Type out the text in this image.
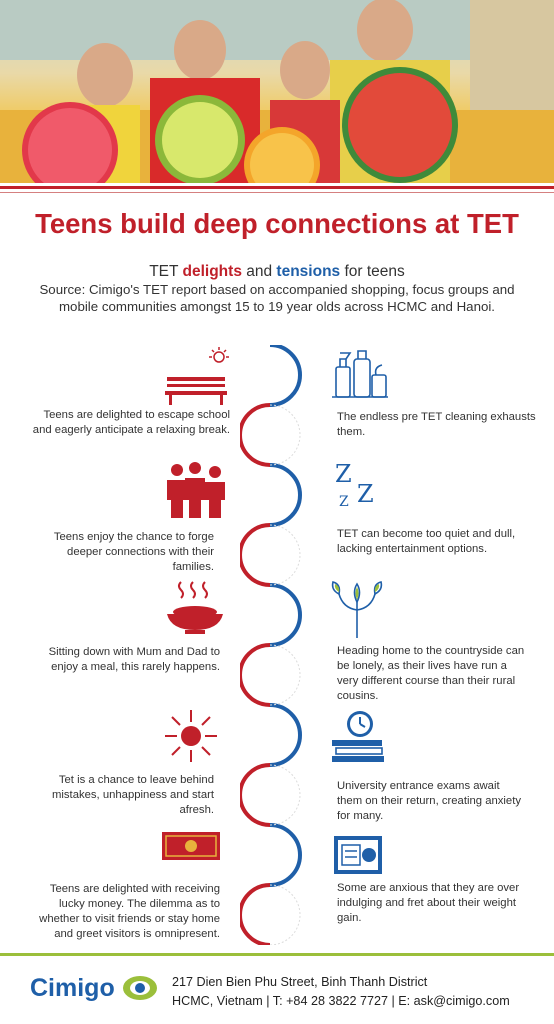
Teens build deep connections at TET
TET delights and tensions for teens
Source: Cimigo's TET report based on accompanied shopping, focus groups and mobile communities amongst 15 to 19 year olds across HCMC and Hanoi.
Teens are delighted to escape school and eagerly anticipate a relaxing break.
Teens enjoy the chance to forge deeper connections with their families.
Sitting down with Mum and Dad to enjoy a meal, this rarely happens.
Tet is a chance to leave behind mistakes, unhappiness and start afresh.
Teens are delighted with receiving lucky money. The dilemma as to whether to visit friends or stay home and greet visitors is omnipresent.
The endless pre TET cleaning exhausts them.
Z
Z
Z
TET can become too quiet and dull, lacking entertainment options.
Heading home to the countryside can be lonely, as their lives have run a very different course than their rural cousins.
University entrance exams await them on their return, creating anxiety for many.
Some are anxious that they are over indulging and fret about their weight gain.
Cimigo	217 Dien Bien Phu Street, Binh Thanh District
HCMC, Vietnam | T: +84 28 3822 7727 | E: ask@cimigo.com
